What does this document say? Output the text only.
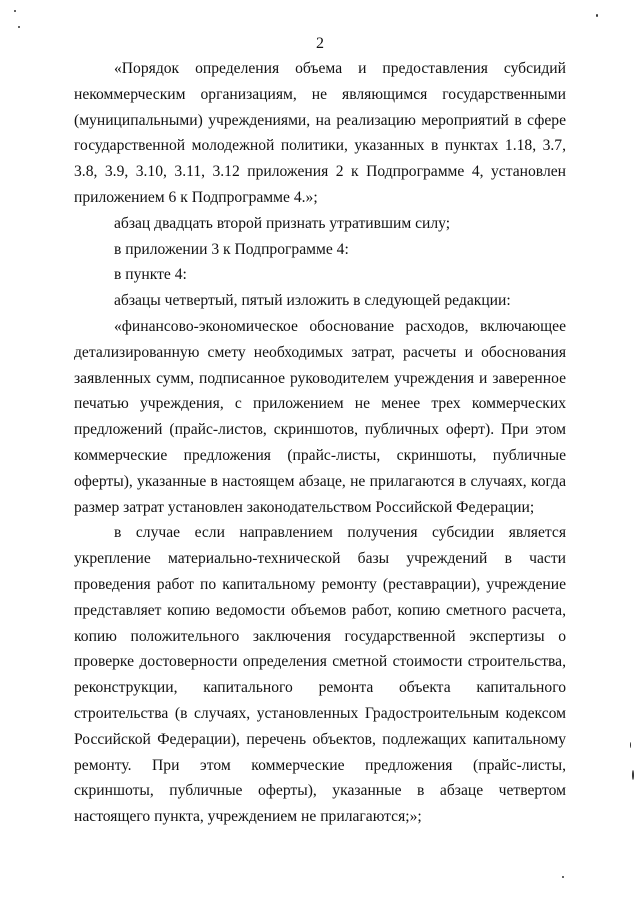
2

«Порядок определения объема и предоставления субсидий некоммерческим организациям, не являющимся государственными (муниципальными) учреждениями, на реализацию мероприятий в сфере государственной молодежной политики, указанных в пунктах 1.18, 3.7, 3.8, 3.9, 3.10, 3.11, 3.12 приложения 2 к Подпрограмме 4, установлен приложением 6 к Подпрограмме 4.»;

абзац двадцать второй признать утратившим силу;

в приложении 3 к Подпрограмме 4:

в пункте 4:

абзацы четвертый, пятый изложить в следующей редакции:

«финансово-экономическое обоснование расходов, включающее детализированную смету необходимых затрат, расчеты и обоснования заявленных сумм, подписанное руководителем учреждения и заверенное печатью учреждения, с приложением не менее трех коммерческих предложений (прайс-листов, скриншотов, публичных оферт). При этом коммерческие предложения (прайс-листы, скриншоты, публичные оферты), указанные в настоящем абзаце, не прилагаются в случаях, когда размер затрат установлен законодательством Российской Федерации;

в случае если направлением получения субсидии является укрепление материально-технической базы учреждений в части проведения работ по капитальному ремонту (реставрации), учреждение представляет копию ведомости объемов работ, копию сметного расчета, копию положительного заключения государственной экспертизы о проверке достоверности определения сметной стоимости строительства, реконструкции, капитального ремонта объекта капитального строительства (в случаях, установленных Градостроительным кодексом Российской Федерации), перечень объектов, подлежащих капитальному ремонту. При этом коммерческие предложения (прайс-листы, скриншоты, публичные оферты), указанные в абзаце четвертом настоящего пункта, учреждением не прилагаются;»;
